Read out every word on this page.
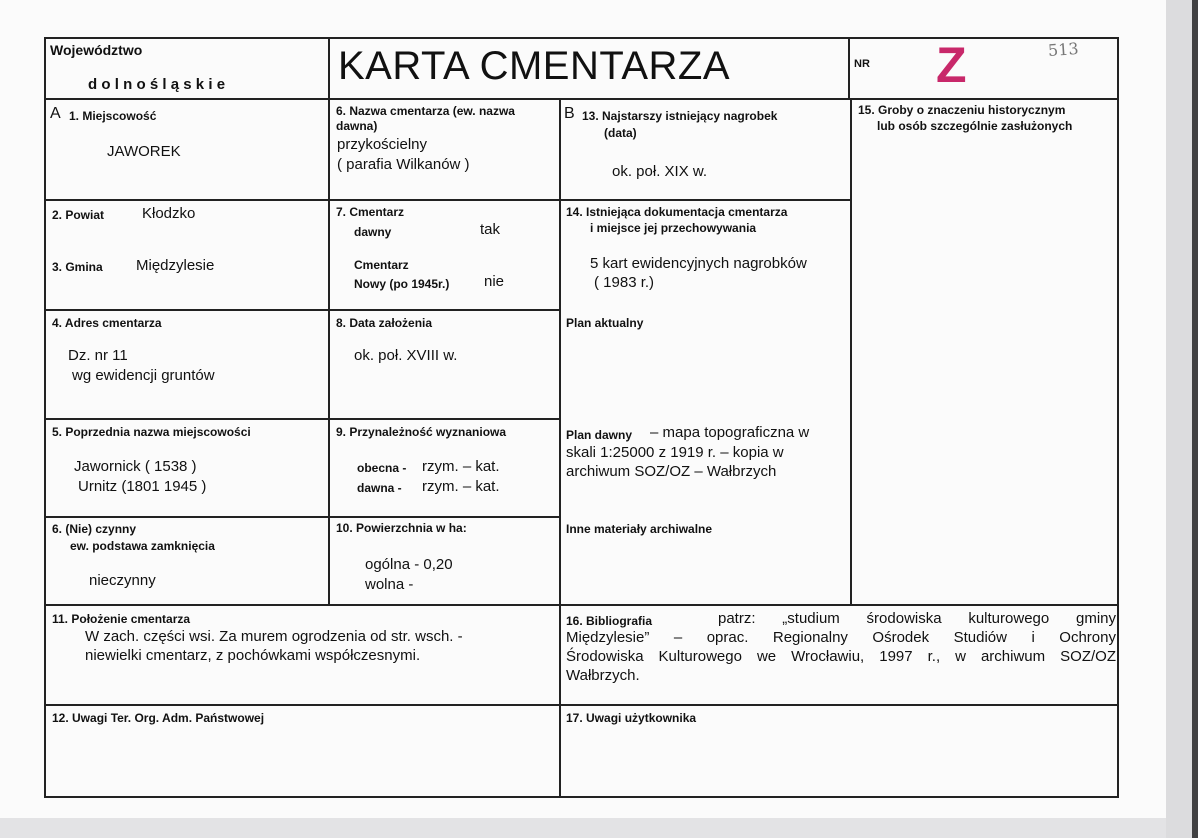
Województwo
dolnośląskie	KARTA CMENTARZA	NR Z	513
A 1. Miejscowość
JAWOREK
2. Powiat	Kłodzko
3. Gmina Międzylesie
4. Adres cmentarza
Dz. nr 11
wg ewidencji gruntów
5. Poprzednia nazwa miejscowości
Jawornick ( 1538 )
Urnitz (1801 1945 )
6. (Nie) czynny
ew. podstawa zamknięcia
nieczynny
6. Nazwa cmentarza (ew. nazwa
dawna)
przykościelny
( parafia Wilkanów )
7. Cmentarz
dawny	tak
Cmentarz
Nowy (po 1945r.) nie
8. Data założenia
ok. poł. XVIII w.
9. Przynależność wyznaniowa
obecna - rzym. – kat.
dawna - rzym. – kat.
10. Powierzchnia w ha:
ogólna - 0,20
wolna -
B 13. Najstarszy istniejący nagrobek
(data)
ok. poł. XIX w.
14. Istniejąca dokumentacja cmentarza
i miejsce jej przechowywania
5 kart ewidencyjnych nagrobków
( 1983 r.)
Plan aktualny
Plan dawny – mapa topograficzna w
skali 1:25000 z 1919 r. – kopia w
archiwum SOZ/OZ – Wałbrzych
Inne materiały archiwalne
15. Groby o znaczeniu historycznym
lub osób szczególnie zasłużonych
11. Położenie cmentarza
W zach. części wsi. Za murem ogrodzenia od str. wsch. -
niewielki cmentarz, z pochówkami współczesnymi.
16. Bibliografia	patrz: „studium środowiska kulturowego gminy
Międzylesie” – oprac. Regionalny Ośrodek Studiów i Ochrony
Środowiska Kulturowego we Wrocławiu, 1997 r., w archiwum SOZ/OZ
Wałbrzych.
12. Uwagi Ter. Org. Adm. Państwowej	17. Uwagi użytkownika
